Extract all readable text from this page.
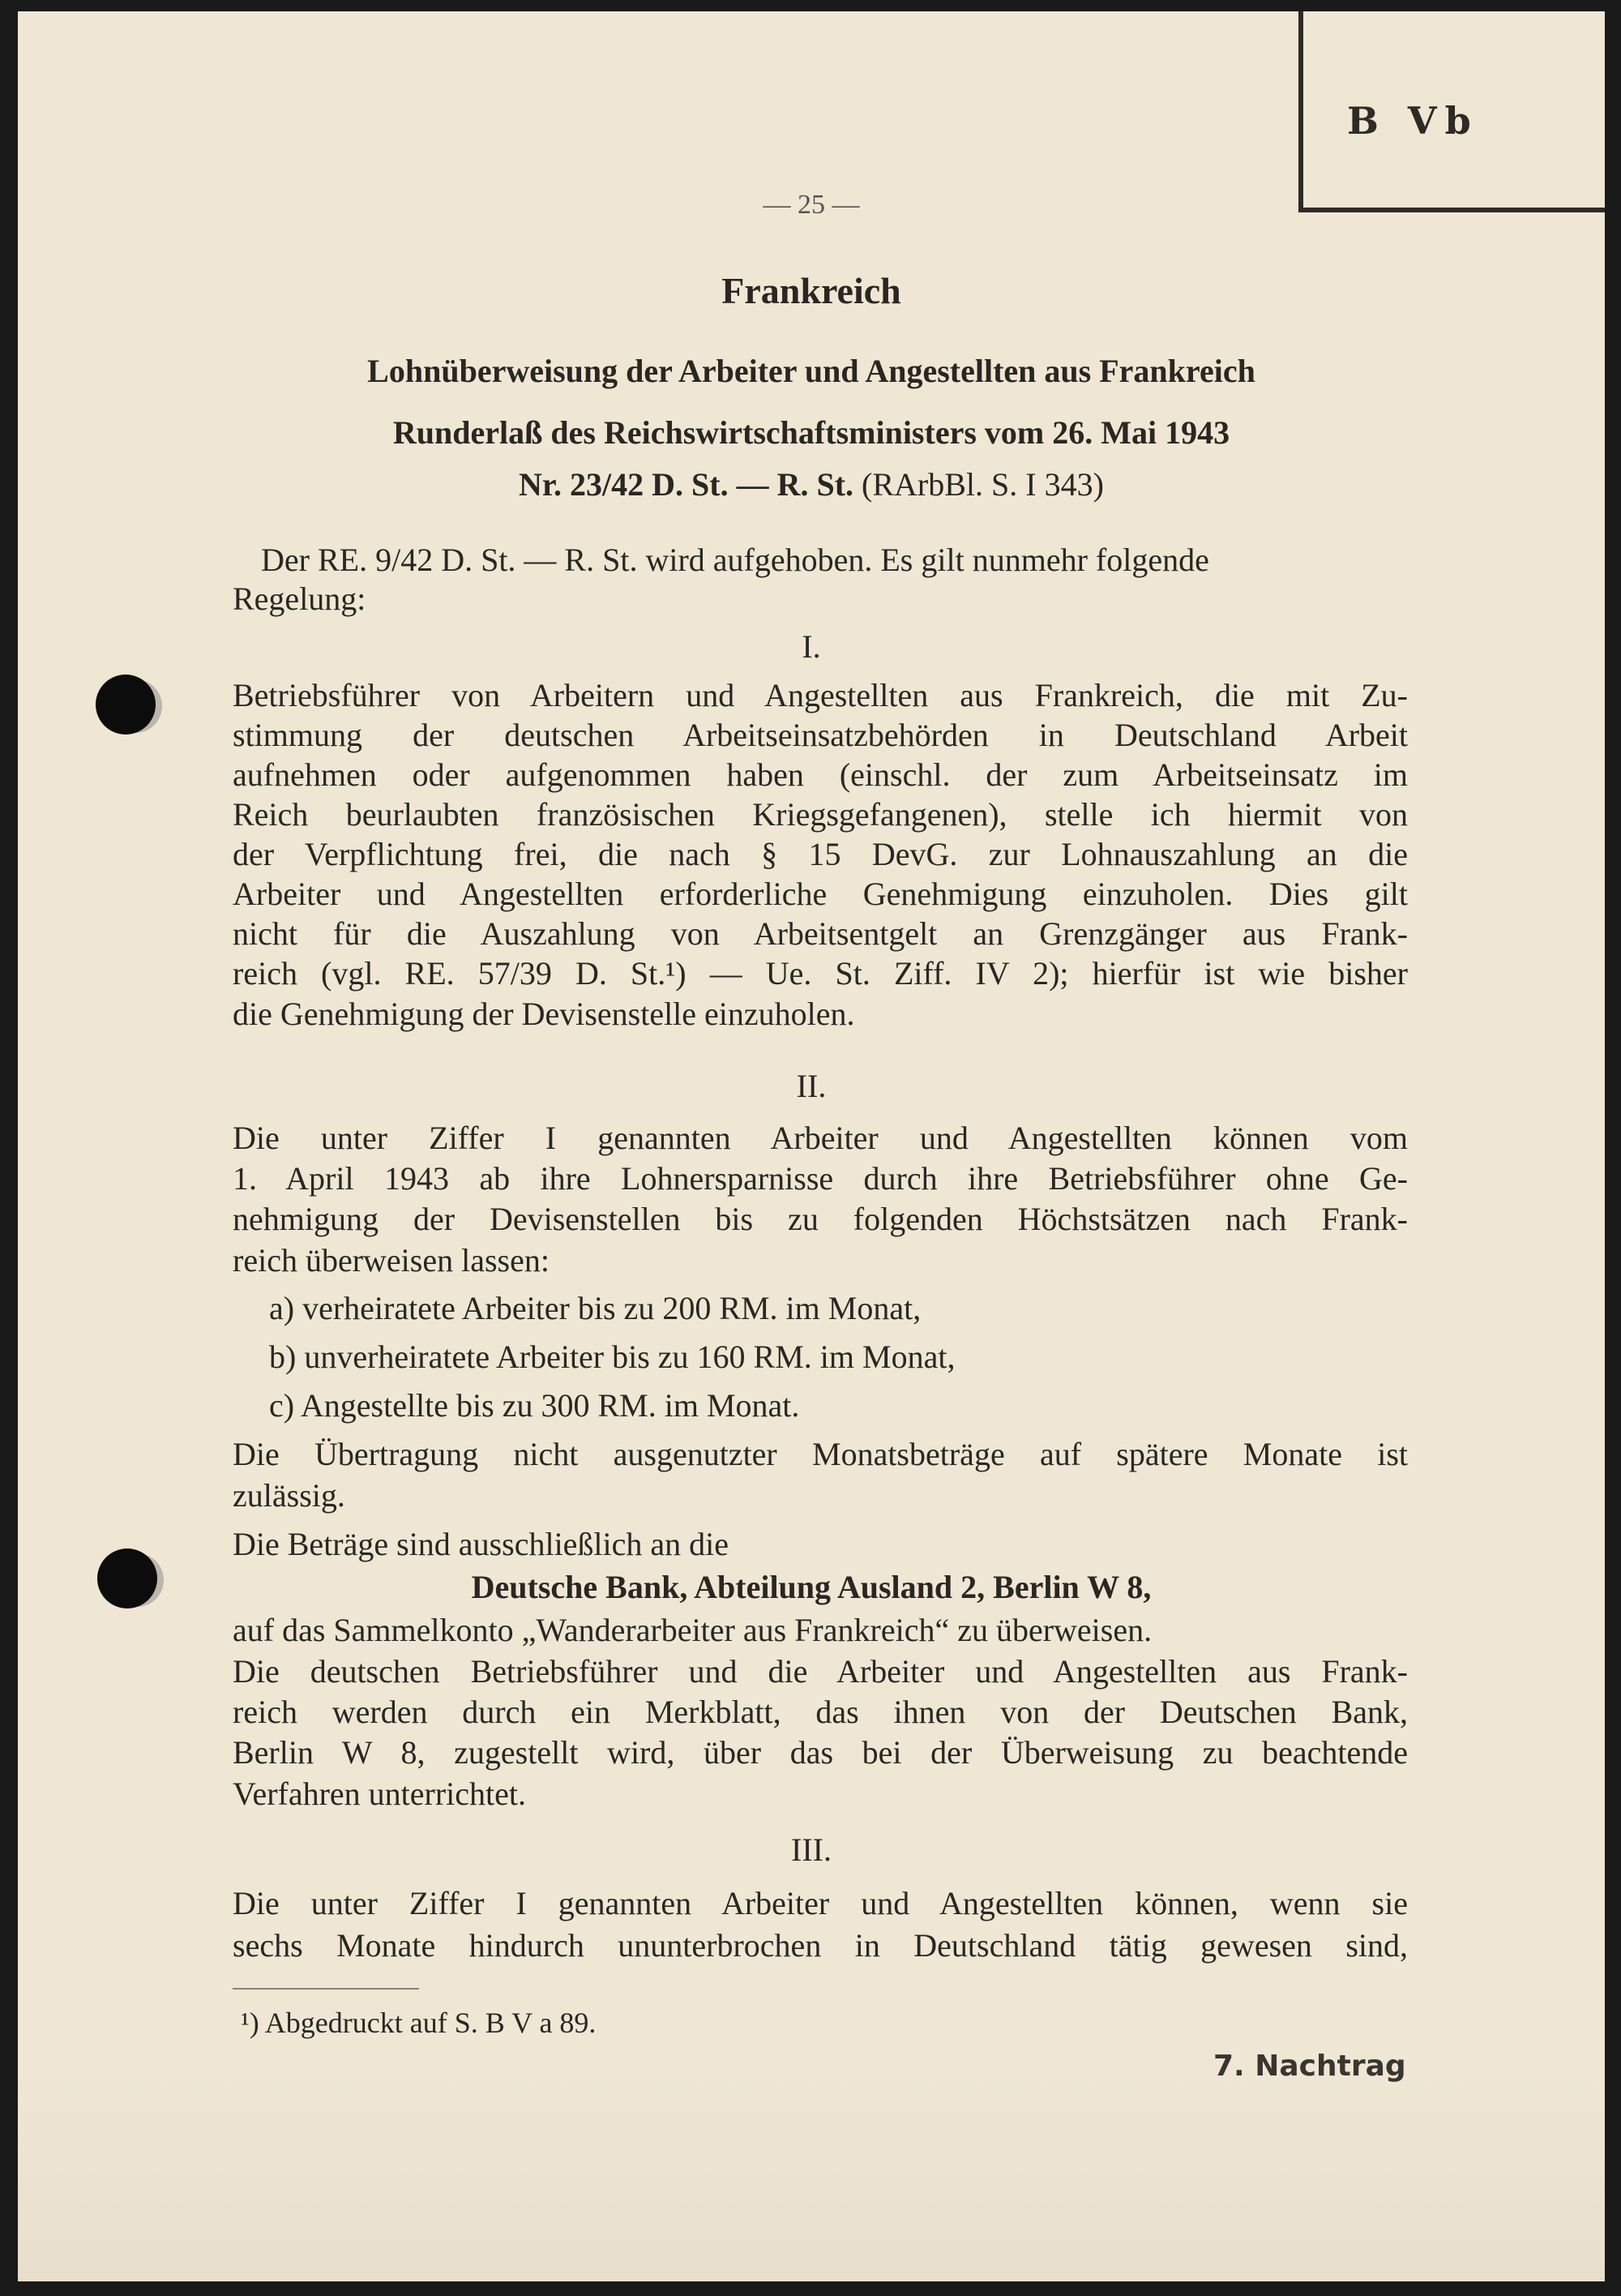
B Vb
— 25 —
Frankreich
Lohnüberweisung der Arbeiter und Angestellten aus Frankreich
Runderlaß des Reichswirtschaftsministers vom 26. Mai 1943
Nr. 23/42 D. St. — R. St. (RArbBl. S. I 343)
Der RE. 9/42 D. St. — R. St. wird aufgehoben. Es gilt nunmehr folgende
Regelung:
I.
Betriebsführer von Arbeitern und Angestellten aus Frankreich, die mit Zu-
stimmung der deutschen Arbeitseinsatzbehörden in Deutschland Arbeit
aufnehmen oder aufgenommen haben (einschl. der zum Arbeitseinsatz im
Reich beurlaubten französischen Kriegsgefangenen), stelle ich hiermit von
der Verpflichtung frei, die nach § 15 DevG. zur Lohnauszahlung an die
Arbeiter und Angestellten erforderliche Genehmigung einzuholen. Dies gilt
nicht für die Auszahlung von Arbeitsentgelt an Grenzgänger aus Frank-
reich (vgl. RE. 57/39 D. St.¹) — Ue. St. Ziff. IV 2); hierfür ist wie bisher
die Genehmigung der Devisenstelle einzuholen.
II.
Die unter Ziffer I genannten Arbeiter und Angestellten können vom
1. April 1943 ab ihre Lohnersparnisse durch ihre Betriebsführer ohne Ge-
nehmigung der Devisenstellen bis zu folgenden Höchstsätzen nach Frank-
reich überweisen lassen:
a) verheiratete Arbeiter bis zu 200 RM. im Monat,
b) unverheiratete Arbeiter bis zu 160 RM. im Monat,
c) Angestellte bis zu 300 RM. im Monat.
Die Übertragung nicht ausgenutzter Monatsbeträge auf spätere Monate ist
zulässig.
Die Beträge sind ausschließlich an die
Deutsche Bank, Abteilung Ausland 2, Berlin W 8,
auf das Sammelkonto „Wanderarbeiter aus Frankreich“ zu überweisen.
Die deutschen Betriebsführer und die Arbeiter und Angestellten aus Frank-
reich werden durch ein Merkblatt, das ihnen von der Deutschen Bank,
Berlin W 8, zugestellt wird, über das bei der Überweisung zu beachtende
Verfahren unterrichtet.
III.
Die unter Ziffer I genannten Arbeiter und Angestellten können, wenn sie
sechs Monate hindurch ununterbrochen in Deutschland tätig gewesen sind,
¹) Abgedruckt auf S. B V a 89.
7. Nachtrag
